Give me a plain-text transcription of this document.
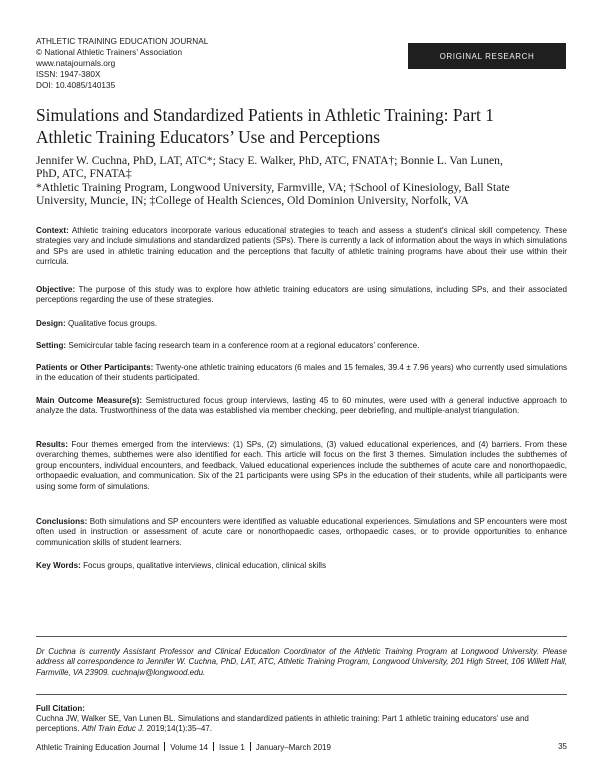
ATHLETIC TRAINING EDUCATION JOURNAL
© National Athletic Trainers’ Association
www.natajournals.org
ISSN: 1947-380X
DOI: 10.4085/140135
ORIGINAL RESEARCH
Simulations and Standardized Patients in Athletic Training: Part 1
Athletic Training Educators’ Use and Perceptions
Jennifer W. Cuchna, PhD, LAT, ATC*; Stacy E. Walker, PhD, ATC, FNATA†; Bonnie L. Van Lunen,
PhD, ATC, FNATA‡
*Athletic Training Program, Longwood University, Farmville, VA; †School of Kinesiology, Ball State
University, Muncie, IN; ‡College of Health Sciences, Old Dominion University, Norfolk, VA

Context: Athletic training educators incorporate various educational strategies to teach and assess a student's clinical skill competency. These strategies vary and include simulations and standardized patients (SPs). There is currently a lack of information about the ways in which simulations and SPs are used in athletic training education and the perceptions that faculty of athletic training programs have about their use within their curricula.

Objective: The purpose of this study was to explore how athletic training educators are using simulations, including SPs, and their associated perceptions regarding the use of these strategies.

Design: Qualitative focus groups.

Setting: Semicircular table facing research team in a conference room at a regional educators’ conference.

Patients or Other Participants: Twenty-one athletic training educators (6 males and 15 females, 39.4 ± 7.96 years) who currently used simulations in the education of their students participated.

Main Outcome Measure(s): Semistructured focus group interviews, lasting 45 to 60 minutes, were used with a general inductive approach to analyze the data. Trustworthiness of the data was established via member checking, peer debriefing, and multiple-analyst triangulation.

Results: Four themes emerged from the interviews: (1) SPs, (2) simulations, (3) valued educational experiences, and (4) barriers. From these overarching themes, subthemes were also identified for each. This article will focus on the first 3 themes. Simulation includes the subthemes of group encounters, individual encounters, and feedback. Valued educational experiences include the subthemes of acute care and nonorthopaedic, orthopaedic evaluation, and communication. Six of the 21 participants were using SPs in the education of their students, while all participants were using some form of simulations.

Conclusions: Both simulations and SP encounters were identified as valuable educational experiences. Simulations and SP encounters were most often used in instruction or assessment of acute care or nonorthopaedic cases, orthopaedic cases, or to provide opportunities to enhance communication skills of student learners.

Key Words: Focus groups, qualitative interviews, clinical education, clinical skills

Dr Cuchna is currently Assistant Professor and Clinical Education Coordinator of the Athletic Training Program at Longwood University. Please address all correspondence to Jennifer W. Cuchna, PhD, LAT, ATC, Athletic Training Program, Longwood University, 201 High Street, 106 Willett Hall, Farmville, VA 23909. cuchnajw@longwood.edu.
Full Citation:
Cuchna JW, Walker SE, Van Lunen BL. Simulations and standardized patients in athletic training: Part 1 athletic training educators’ use and perceptions. Athl Train Educ J. 2019;14(1):35–47.
Athletic Training Education Journal Volume 14 Issue 1 January–March 2019	35
